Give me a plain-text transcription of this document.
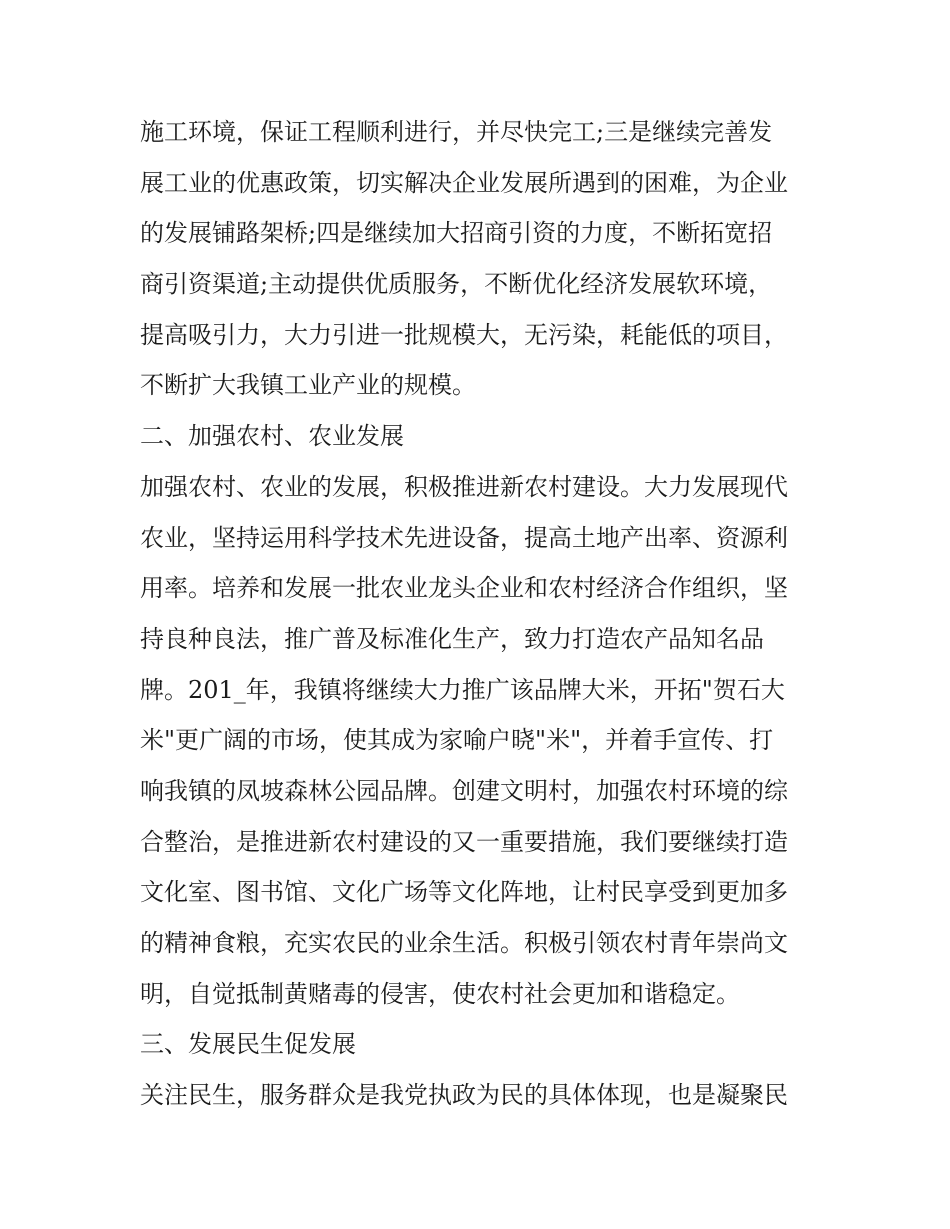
施工环境，保证工程顺利进行，并尽快完工;三是继续完善发
展工业的优惠政策，切实解决企业发展所遇到的困难，为企业
的发展铺路架桥;四是继续加大招商引资的力度，不断拓宽招
商引资渠道;主动提供优质服务，不断优化经济发展软环境，
提高吸引力，大力引进一批规模大，无污染，耗能低的项目，
不断扩大我镇工业产业的规模。
二、加强农村、农业发展
加强农村、农业的发展，积极推进新农村建设。大力发展现代
农业，坚持运用科学技术先进设备，提高土地产出率、资源利
用率。培养和发展一批农业龙头企业和农村经济合作组织，坚
持良种良法，推广普及标准化生产，致力打造农产品知名品
牌。201_年，我镇将继续大力推广该品牌大米，开拓"贺石大
米"更广阔的市场，使其成为家喻户晓"米"，并着手宣传、打
响我镇的凤坡森林公园品牌。创建文明村，加强农村环境的综
合整治，是推进新农村建设的又一重要措施，我们要继续打造
文化室、图书馆、文化广场等文化阵地，让村民享受到更加多
的精神食粮，充实农民的业余生活。积极引领农村青年崇尚文
明，自觉抵制黄赌毒的侵害，使农村社会更加和谐稳定。
三、发展民生促发展
关注民生，服务群众是我党执政为民的具体体现，也是凝聚民
